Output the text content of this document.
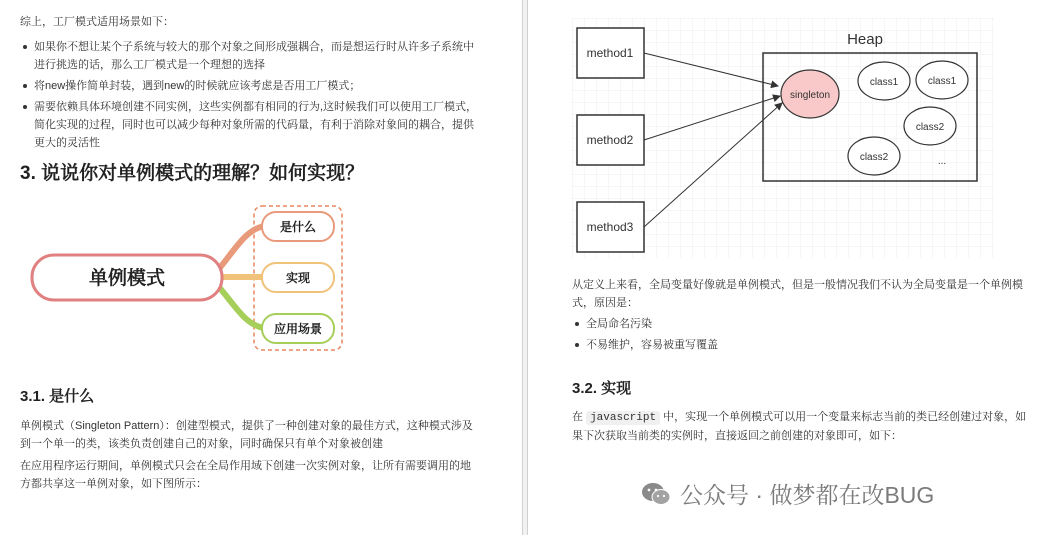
综上，工厂模式适用场景如下：
如果你不想让某个子系统与较大的那个对象之间形成强耦合，而是想运行时从许多子系统中进行挑选的话，那么工厂模式是一个理想的选择
将new操作简单封装，遇到new的时候就应该考虑是否用工厂模式；
需要依赖具体环境创建不同实例，这些实例都有相同的行为,这时候我们可以使用工厂模式，简化实现的过程，同时也可以减少每种对象所需的代码量，有利于消除对象间的耦合，提供更大的灵活性
3. 说说你对单例模式的理解？如何实现？
单例模式
是什么
实现
应用场景
3.1. 是什么
单例模式（Singleton Pattern）：创建型模式，提供了一种创建对象的最佳方式，这种模式涉及到一个单一的类，该类负责创建自己的对象，同时确保只有单个对象被创建
在应用程序运行期间，单例模式只会在全局作用域下创建一次实例对象，让所有需要调用的地方都共享这一单例对象，如下图所示：
Heap
method1
method2
method3
singleton
class1	class1
class2
class2	...
从定义上来看，全局变量好像就是单例模式，但是一般情况我们不认为全局变量是一个单例模式，原因是：
全局命名污染
不易维护，容易被重写覆盖
3.2. 实现
在 javascript 中，实现一个单例模式可以用一个变量来标志当前的类已经创建过对象，如果下次获取当前类的实例时，直接返回之前创建的对象即可，如下：
公众号 · 做梦都在改BUG
